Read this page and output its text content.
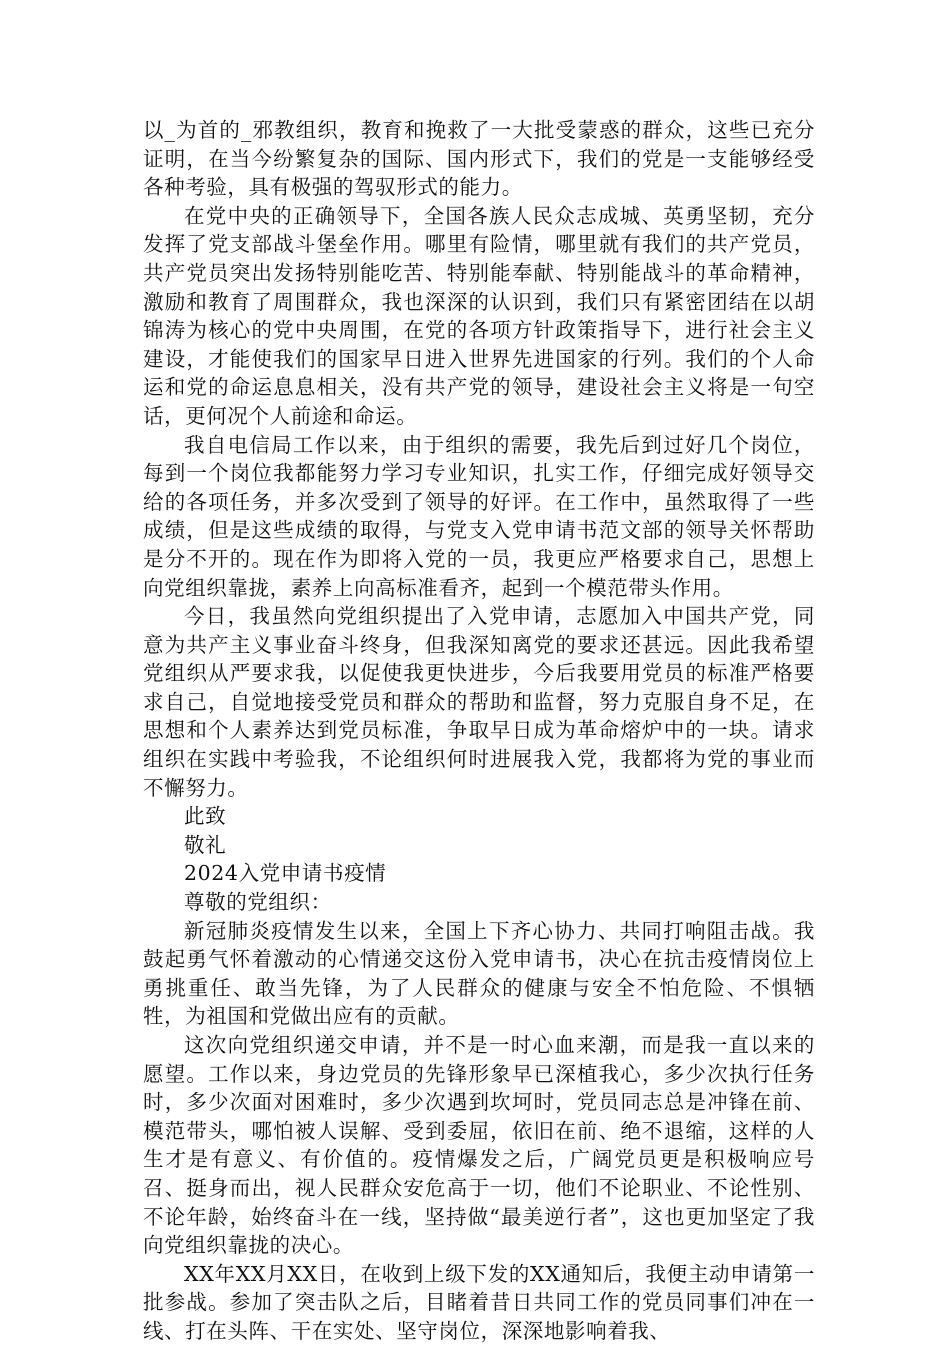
以_为首的_邪教组织，教育和挽救了一大批受蒙惑的群众，这些已充分证明，在当今纷繁复杂的国际、国内形式下，我们的党是一支能够经受各种考验，具有极强的驾驭形式的能力。

在党中央的正确领导下，全国各族人民众志成城、英勇坚韧，充分发挥了党支部战斗堡垒作用。哪里有险情，哪里就有我们的共产党员，共产党员突出发扬特别能吃苦、特别能奉献、特别能战斗的革命精神，激励和教育了周围群众，我也深深的认识到，我们只有紧密团结在以胡锦涛为核心的党中央周围，在党的各项方针政策指导下，进行社会主义建设，才能使我们的国家早日进入世界先进国家的行列。我们的个人命运和党的命运息息相关，没有共产党的领导，建设社会主义将是一句空话，更何况个人前途和命运。

我自电信局工作以来，由于组织的需要，我先后到过好几个岗位，每到一个岗位我都能努力学习专业知识，扎实工作，仔细完成好领导交给的各项任务，并多次受到了领导的好评。在工作中，虽然取得了一些成绩，但是这些成绩的取得，与党支入党申请书范文部的领导关怀帮助是分不开的。现在作为即将入党的一员，我更应严格要求自己，思想上向党组织靠拢，素养上向高标准看齐，起到一个模范带头作用。

今日，我虽然向党组织提出了入党申请，志愿加入中国共产党，同意为共产主义事业奋斗终身，但我深知离党的要求还甚远。因此我希望党组织从严要求我，以促使我更快进步，今后我要用党员的标准严格要求自己，自觉地接受党员和群众的帮助和监督，努力克服自身不足，在思想和个人素养达到党员标准，争取早日成为革命熔炉中的一块。请求组织在实践中考验我，不论组织何时进展我入党，我都将为党的事业而不懈努力。

此致

敬礼

2024入党申请书疫情

尊敬的党组织：

新冠肺炎疫情发生以来，全国上下齐心协力、共同打响阻击战。我鼓起勇气怀着激动的心情递交这份入党申请书，决心在抗击疫情岗位上勇挑重任、敢当先锋，为了人民群众的健康与安全不怕危险、不惧牺牲，为祖国和党做出应有的贡献。

这次向党组织递交申请，并不是一时心血来潮，而是我一直以来的愿望。工作以来，身边党员的先锋形象早已深植我心，多少次执行任务时，多少次面对困难时，多少次遇到坎坷时，党员同志总是冲锋在前、模范带头，哪怕被人误解、受到委屈，依旧在前、绝不退缩，这样的人生才是有意义、有价值的。疫情爆发之后，广阔党员更是积极响应号召、挺身而出，视人民群众安危高于一切，他们不论职业、不论性别、不论年龄，始终奋斗在一线，坚持做“最美逆行者”，这也更加坚定了我向党组织靠拢的决心。

XX年XX月XX日，在收到上级下发的XX通知后，我便主动申请第一批参战。参加了突击队之后，目睹着昔日共同工作的党员同事们冲在一线、打在头阵、干在实处、坚守岗位，深深地影响着我、
